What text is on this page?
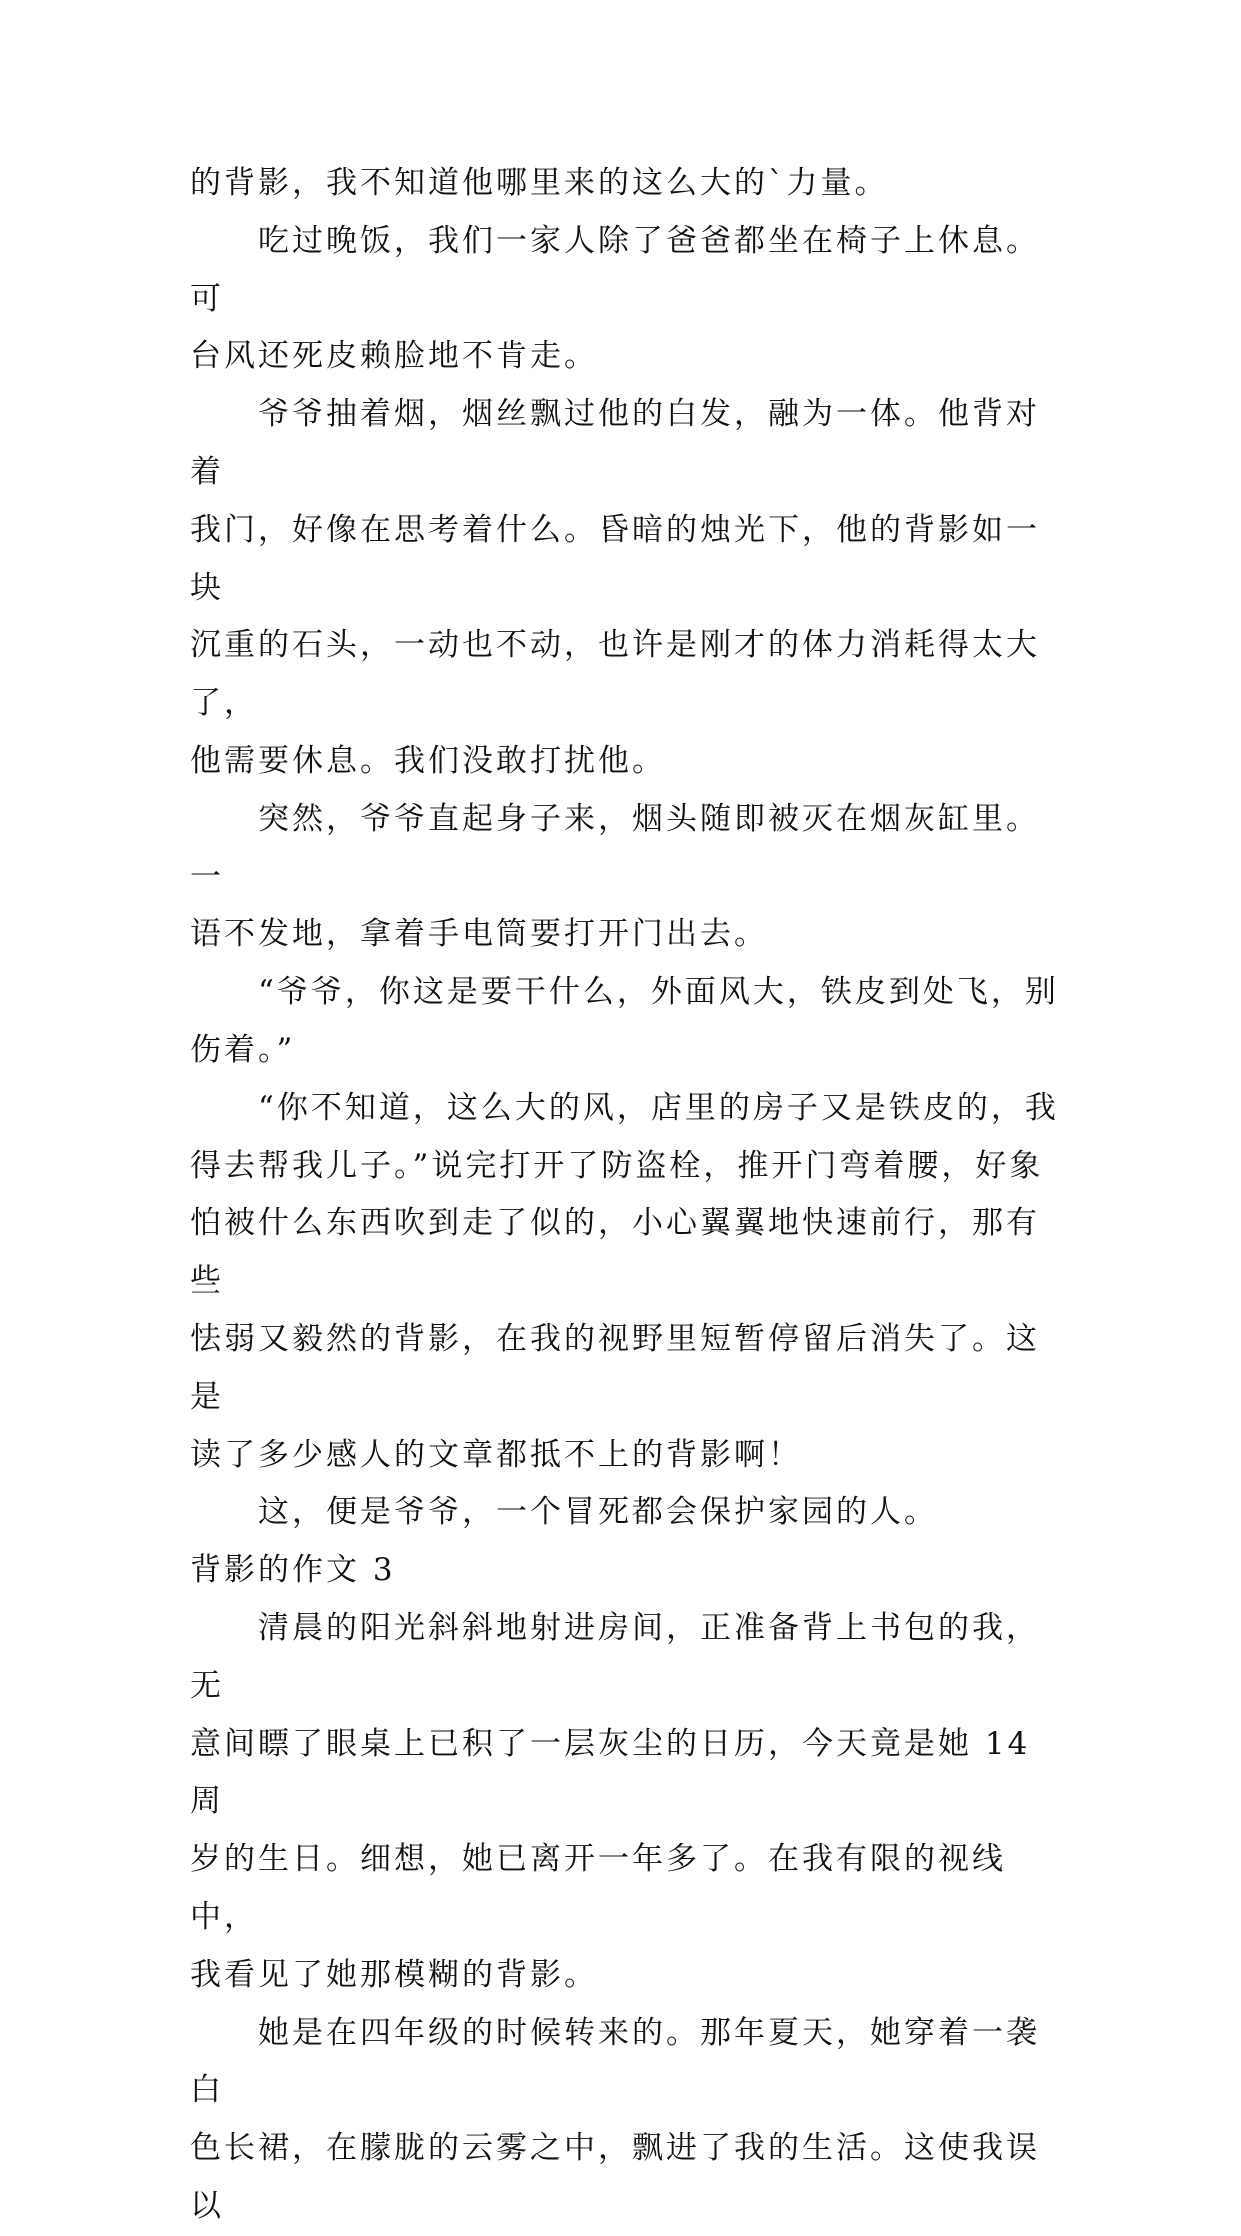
的背影，我不知道他哪里来的这么大的`力量。

　　吃过晚饭，我们一家人除了爸爸都坐在椅子上休息。可
台风还死皮赖脸地不肯走。

　　爷爷抽着烟，烟丝飘过他的白发，融为一体。他背对着
我门，好像在思考着什么。昏暗的烛光下，他的背影如一块
沉重的石头，一动也不动，也许是刚才的体力消耗得太大了，
他需要休息。我们没敢打扰他。

　　突然，爷爷直起身子来，烟头随即被灭在烟灰缸里。一
语不发地，拿着手电筒要打开门出去。

　　“爷爷，你这是要干什么，外面风大，铁皮到处飞，别
伤着。”

　　“你不知道，这么大的风，店里的房子又是铁皮的，我
得去帮我儿子。”说完打开了防盗栓，推开门弯着腰，好象
怕被什么东西吹到走了似的，小心翼翼地快速前行，那有些
怯弱又毅然的背影，在我的视野里短暂停留后消失了。这是
读了多少感人的文章都抵不上的背影啊！

　　这，便是爷爷，一个冒死都会保护家园的人。

背影的作文 3

　　清晨的阳光斜斜地射进房间，正准备背上书包的我，无
意间瞟了眼桌上已积了一层灰尘的日历，今天竟是她 14 周
岁的生日。细想，她已离开一年多了。在我有限的视线中，
我看见了她那模糊的背影。

　　她是在四年级的时候转来的。那年夏天，她穿着一袭白
色长裙，在朦胧的云雾之中，飘进了我的生活。这使我误以
